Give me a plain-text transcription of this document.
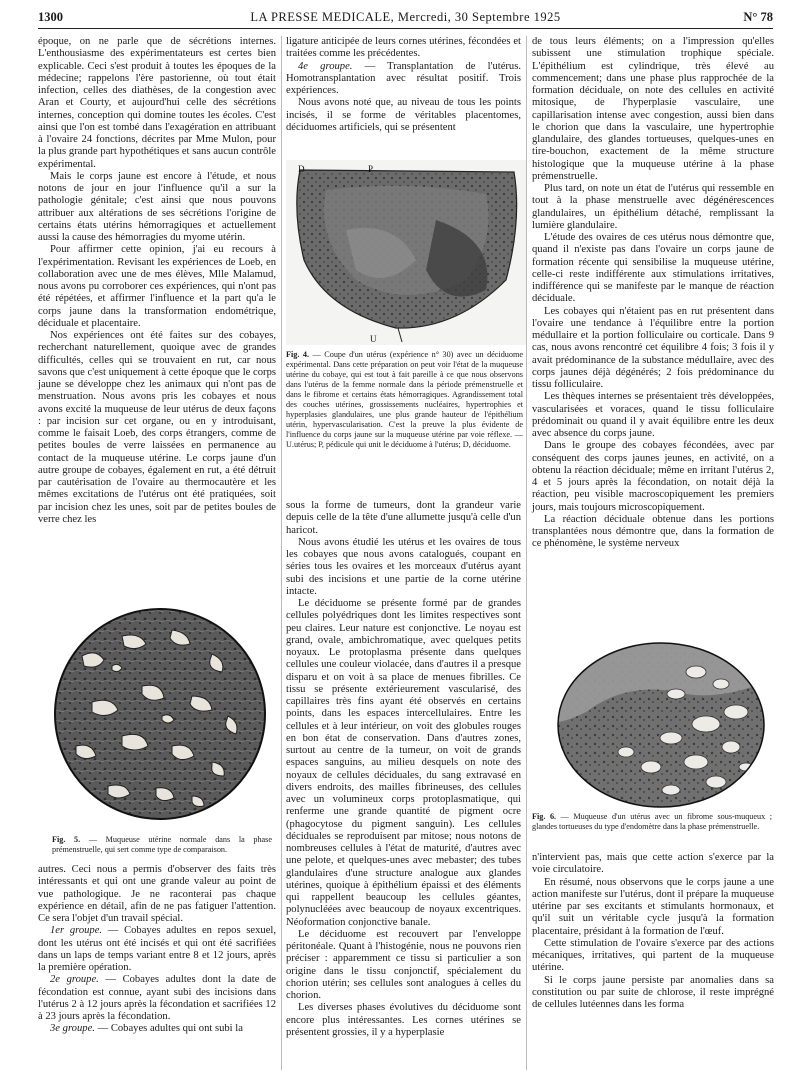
1300	LA PRESSE MEDICALE, Mercredi, 30 Septembre 1925	N° 78

époque, on ne parle que de sécrétions internes. L'enthousiasme des expérimentateurs est certes bien explicable. Ceci s'est produit à toutes les époques de la médecine; rappelons l'ère pastorienne, où tout était infection, celles des diathèses, de la congestion avec Aran et Courty, et aujourd'hui celle des sécrétions internes, conception qui domine toutes les écoles. C'est ainsi que l'on est tombé dans l'exagération en attribuant à l'ovaire 24 fonctions, décrites par Mme Mulon, pour la plus grande part hypothétiques et sans aucun contrôle expérimental.

Mais le corps jaune est encore à l'étude, et nous notons de jour en jour l'influence qu'il a sur la pathologie génitale; c'est ainsi que nous pouvons attribuer aux altérations de ses sécrétions l'origine de certains états utérins hémorragiques et actuellement aussi la cause des hémorragies du myome utérin.

Pour affirmer cette opinion, j'ai eu recours à l'expérimentation. Revisant les expériences de Loeb, en collaboration avec une de mes élèves, Mlle Malamud, nous avons pu corroborer ces expériences, qui n'ont pas été répétées, et affirmer l'influence et la part qu'a le corps jaune dans la transformation endométrique, déciduale et placentaire.

Nos expériences ont été faites sur des cobayes, recherchant naturellement, quoique avec de grandes difficultés, celles qui se trouvaient en rut, car nous savons que c'est uniquement à cette époque que le corps jaune se développe chez les animaux qui n'ont pas de menstruation. Nous avons pris les cobayes et nous avons excité la muqueuse de leur utérus de deux façons : par incision sur cet organe, ou en y introduisant, comme le faisait Loeb, des corps étrangers, comme de petites boules de verre laissées en permanence au contact de la muqueuse utérine. Le corps jaune d'un autre groupe de cobayes, également en rut, a été détruit par cautérisation de l'ovaire au thermocautère et les mêmes excitations de l'utérus ont été pratiquées, soit par incision chez les unes, soit par de petites boules de verre chez les

Fig. 5. — Muqueuse utérine normale dans la phase prémenstruelle, qui sert comme type de comparaison.

autres. Ceci nous a permis d'observer des faits très intéressants et qui ont une grande valeur au point de vue pathologique. Je ne raconterai pas chaque expérience en détail, afin de ne pas fatiguer l'attention. Ce sera l'objet d'un travail spécial.

1er groupe. — Cobayes adultes en repos sexuel, dont les utérus ont été incisés et qui ont été sacrifiées dans un laps de temps variant entre 8 et 12 jours, après la première opération.

2e groupe. — Cobayes adultes dont la date de fécondation est connue, ayant subi des incisions dans l'utérus 2 à 12 jours après la fécondation et sacrifiées 12 à 23 jours après la fécondation.

3e groupe. — Cobayes adultes qui ont subi la

ligature anticipée de leurs cornes utérines, fécondées et traitées comme les précédentes.

4e groupe. — Transplantation de l'utérus. Homotransplantation avec résultat positif. Trois expériences.

Nous avons noté que, au niveau de tous les points incisés, il se forme de véritables placentomes, déciduomes artificiels, qui se présentent

D	P
U
Fig. 4. — Coupe d'un utérus (expérience n° 30) avec un déciduome expérimental. Dans cette préparation on peut voir l'état de la muqueuse utérine du cobaye, qui est tout à fait pareille à ce que nous observons dans l'utérus de la femme normale dans la période prémenstruelle et dans le fibrome et certains états hémorragiques. Agrandissement total des couches utérines, grossissements nucléaires, hypertrophies et hyperplasies glandulaires, une plus grande hauteur de l'épithélium utérin, hypervascularisation. C'est la preuve la plus évidente de l'influence du corps jaune sur la muqueuse utérine par voie réflexe. — U.utérus; P, pédicule qui unit le déciduome à l'utérus; D, déciduome.

sous la forme de tumeurs, dont la grandeur varie depuis celle de la tête d'une allumette jusqu'à celle d'un haricot.

Nous avons étudié les utérus et les ovaires de tous les cobayes que nous avons catalogués, coupant en séries tous les ovaires et les morceaux d'utérus ayant subi des incisions et une partie de la corne utérine intacte.

Le déciduome se présente formé par de grandes cellules polyédriques dont les limites respectives sont peu claires. Leur nature est conjonctive. Le noyau est grand, ovale, ambichromatique, avec quelques petits noyaux. Le protoplasma présente dans quelques cellules une couleur violacée, dans d'autres il a presque disparu et on voit à sa place de menues fibrilles. Ce tissu se présente extérieurement vascularisé, des capillaires très fins ayant été observés en certains points, dans les espaces intercellulaires. Entre les cellules et à leur intérieur, on voit des globules rouges en bon état de conservation. Dans d'autres zones, surtout au centre de la tumeur, on voit de grands espaces sanguins, au milieu desquels on note des noyaux de cellules déciduales, du sang extravasé en divers endroits, des mailles fibrineuses, des cellules avec un volumineux corps protoplasmatique, qui renferme une grande quantité de pigment ocre (phagocytose du pigment sanguin). Les cellules déciduales se reproduisent par mitose; nous notons de nombreuses cellules à l'état de maturité, d'autres avec une pelote, et quelques-unes avec mebaster; des tubes glandulaires d'une structure analogue aux glandes utérines, quoique à épithélium épaissi et des éléments qui rappellent beaucoup les cellules géantes, polynucléées avec beaucoup de noyaux excentriques. Néoformation conjonctive banale.

Le déciduome est recouvert par l'enveloppe péritonéale. Quant à l'histogénie, nous ne pouvons rien préciser : apparemment ce tissu si particulier a son origine dans le tissu conjonctif, spécialement du chorion utérin; ses cellules sont analogues à celles du chorion.

Les diverses phases évolutives du déciduome sont encore plus intéressantes. Les cornes utérines se présentent grossies, il y a hyperplasie

de tous leurs éléments; on a l'impression qu'elles subissent une stimulation trophique spéciale. L'épithélium est cylindrique, très élevé au commencement; dans une phase plus rapprochée de la formation déciduale, on note des cellules en activité mitosique, de l'hyperplasie vasculaire, une capillarisation intense avec congestion, aussi bien dans le chorion que dans la vasculaire, une hypertrophie glandulaire, des glandes tortueuses, quelques-unes en tire-bouchon, exactement de la même structure histologique que la muqueuse utérine à la phase prémenstruelle.

Plus tard, on note un état de l'utérus qui ressemble en tout à la phase menstruelle avec dégénérescences glandulaires, un épithélium détaché, remplissant la lumière glandulaire.

L'étude des ovaires de ces utérus nous démontre que, quand il n'existe pas dans l'ovaire un corps jaune de formation récente qui sensibilise la muqueuse utérine, celle-ci reste indifférente aux stimulations irritatives, indifférence qui se manifeste par le manque de réaction déciduale.

Les cobayes qui n'étaient pas en rut présentent dans l'ovaire une tendance à l'équilibre entre la portion médullaire et la portion folliculaire ou corticale. Dans 9 cas, nous avons rencontré cet équilibre 4 fois; 3 fois il y avait prédominance de la substance médullaire, avec des corps jaunes déjà dégénérés; 2 fois prédominance du tissu folliculaire.

Les thèques internes se présentaient très développées, vascularisées et voraces, quand le tissu folliculaire prédominait ou quand il y avait équilibre entre les deux avec absence du corps jaune.

Dans le groupe des cobayes fécondées, avec par conséquent des corps jaunes jeunes, en activité, on a obtenu la réaction déciduale; même en irritant l'utérus 2, 4 et 5 jours après la fécondation, on notait déjà la réaction, peu visible macroscopiquement les premiers jours, mais toujours microscopiquement.

La réaction déciduale obtenue dans les portions transplantées nous démontre que, dans la formation de ce phénomène, le système nerveux

Fig. 6. — Muqueuse d'un utérus avec un fibrome sous-muqueux ; glandes tortueuses du type d'endomètre dans la phase prémenstruelle.

n'intervient pas, mais que cette action s'exerce par la voie circulatoire.

En résumé, nous observons que le corps jaune a une action manifeste sur l'utérus, dont il prépare la muqueuse utérine par ses excitants et stimulants hormonaux, et qu'il suit un véritable cycle jusqu'à la formation placentaire, présidant à la formation de l'œuf.

Cette stimulation de l'ovaire s'exerce par des actions mécaniques, irritatives, qui partent de la muqueuse utérine.

Si le corps jaune persiste par anomalies dans sa constitution ou par suite de chlorose, il reste imprégné de cellules lutéennes dans les forma
